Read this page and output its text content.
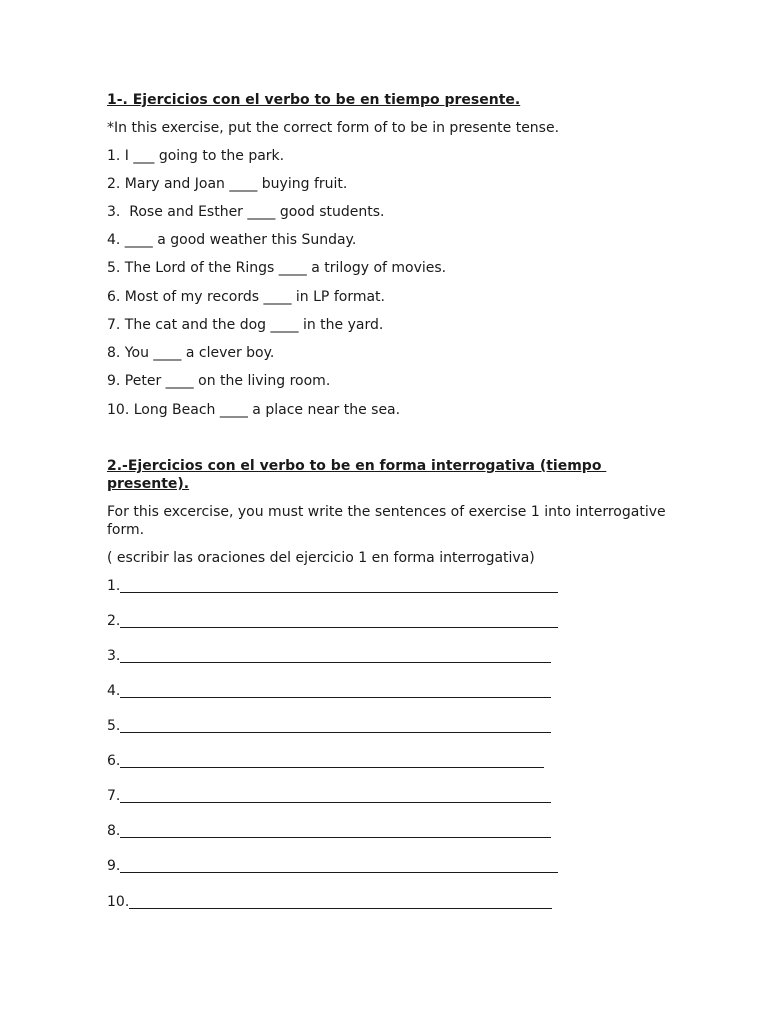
1-. Ejercicios con el verbo to be en tiempo presente.

*In this exercise, put the correct form of to be in presente tense.

1. I ___ going to the park.

2. Mary and Joan ____ buying fruit.

3.  Rose and Esther ____ good students.

4. ____ a good weather this Sunday.

5. The Lord of the Rings ____ a trilogy of movies.

6. Most of my records ____ in LP format.

7. The cat and the dog ____ in the yard.

8. You ____ a clever boy.

9. Peter ____ on the living room.

10. Long Beach ____ a place near the sea.

2.-Ejercicios con el verbo to be en forma interrogativa (tiempo presente).

For this excercise, you must write the sentences of exercise 1 into interrogative form.

( escribir las oraciones del ejercicio 1 en forma interrogativa)

1.
2.
3.
4.
5.
6.
7.
8.
9.
10.
